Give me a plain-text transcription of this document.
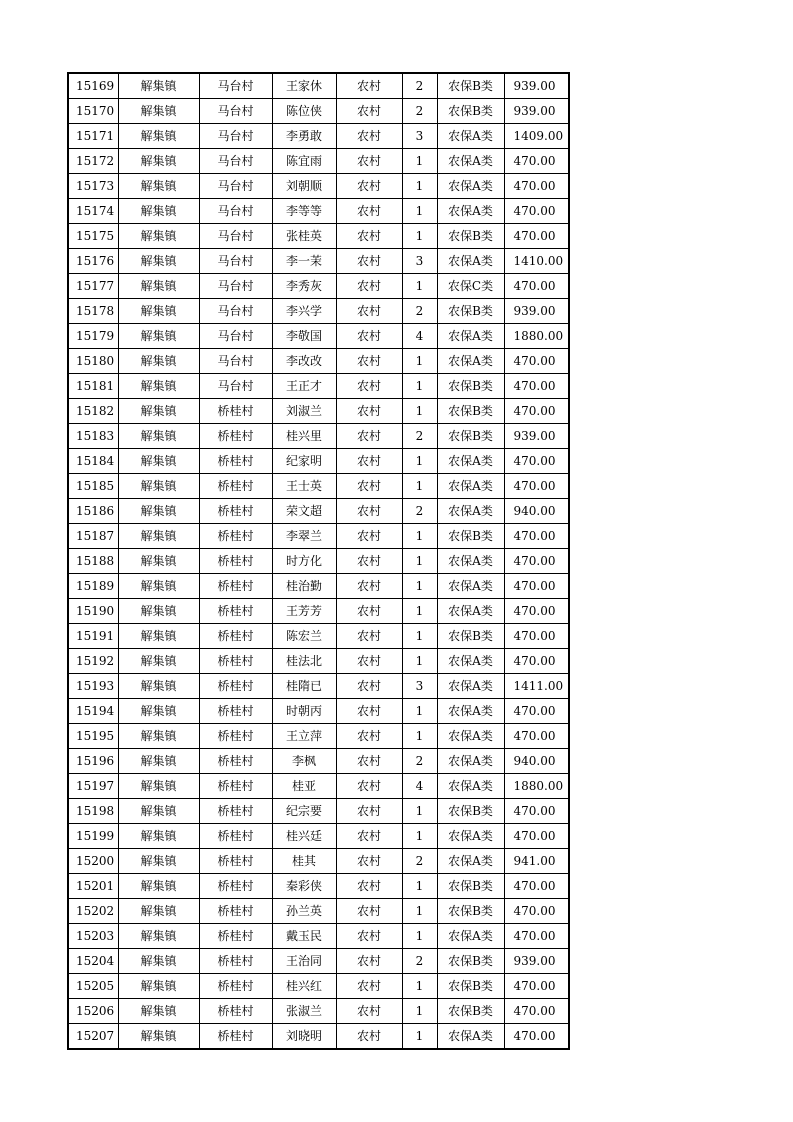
15169	解集镇	马台村	王家休	农村	2	农保B类	939.00
15170	解集镇	马台村	陈位侠	农村	2	农保B类	939.00
15171	解集镇	马台村	李勇敢	农村	3	农保A类	1409.00
15172	解集镇	马台村	陈宜雨	农村	1	农保A类	470.00
15173	解集镇	马台村	刘朝顺	农村	1	农保A类	470.00
15174	解集镇	马台村	李等等	农村	1	农保A类	470.00
15175	解集镇	马台村	张桂英	农村	1	农保B类	470.00
15176	解集镇	马台村	李一茉	农村	3	农保A类	1410.00
15177	解集镇	马台村	李秀灰	农村	1	农保C类	470.00
15178	解集镇	马台村	李兴学	农村	2	农保B类	939.00
15179	解集镇	马台村	李敬国	农村	4	农保A类	1880.00
15180	解集镇	马台村	李改改	农村	1	农保A类	470.00
15181	解集镇	马台村	王正才	农村	1	农保B类	470.00
15182	解集镇	桥桂村	刘淑兰	农村	1	农保B类	470.00
15183	解集镇	桥桂村	桂兴里	农村	2	农保B类	939.00
15184	解集镇	桥桂村	纪家明	农村	1	农保A类	470.00
15185	解集镇	桥桂村	王士英	农村	1	农保A类	470.00
15186	解集镇	桥桂村	荣文超	农村	2	农保A类	940.00
15187	解集镇	桥桂村	李翠兰	农村	1	农保B类	470.00
15188	解集镇	桥桂村	时方化	农村	1	农保A类	470.00
15189	解集镇	桥桂村	桂治勤	农村	1	农保A类	470.00
15190	解集镇	桥桂村	王芳芳	农村	1	农保A类	470.00
15191	解集镇	桥桂村	陈宏兰	农村	1	农保B类	470.00
15192	解集镇	桥桂村	桂法北	农村	1	农保A类	470.00
15193	解集镇	桥桂村	桂隋已	农村	3	农保A类	1411.00
15194	解集镇	桥桂村	时朝丙	农村	1	农保A类	470.00
15195	解集镇	桥桂村	王立萍	农村	1	农保A类	470.00
15196	解集镇	桥桂村	李枫	农村	2	农保A类	940.00
15197	解集镇	桥桂村	桂亚	农村	4	农保A类	1880.00
15198	解集镇	桥桂村	纪宗要	农村	1	农保B类	470.00
15199	解集镇	桥桂村	桂兴廷	农村	1	农保A类	470.00
15200	解集镇	桥桂村	桂其	农村	2	农保A类	941.00
15201	解集镇	桥桂村	秦彩侠	农村	1	农保B类	470.00
15202	解集镇	桥桂村	孙兰英	农村	1	农保B类	470.00
15203	解集镇	桥桂村	戴玉民	农村	1	农保A类	470.00
15204	解集镇	桥桂村	王治同	农村	2	农保B类	939.00
15205	解集镇	桥桂村	桂兴红	农村	1	农保B类	470.00
15206	解集镇	桥桂村	张淑兰	农村	1	农保B类	470.00
15207	解集镇	桥桂村	刘晓明	农村	1	农保A类	470.00
